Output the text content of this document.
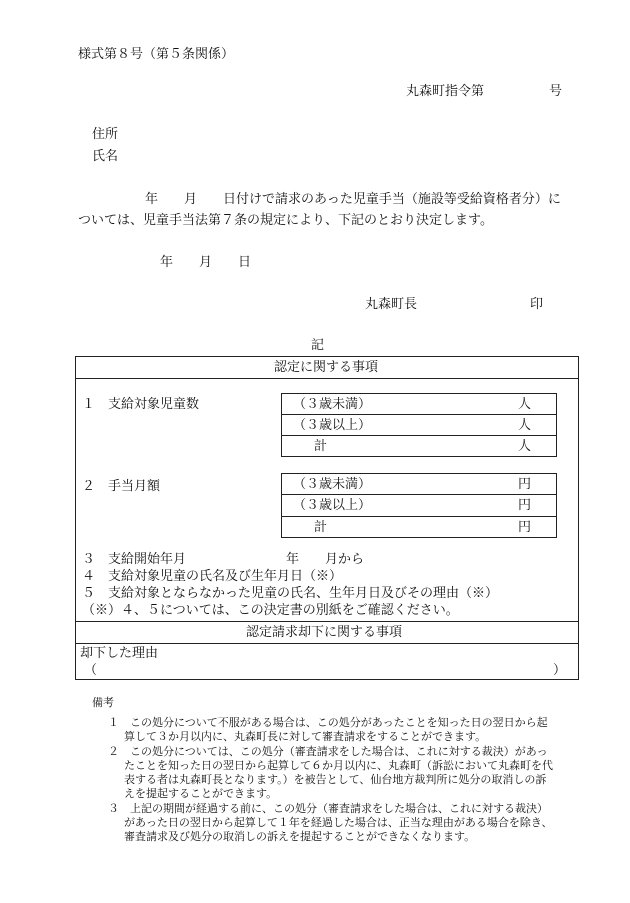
様式第８号（第５条関係）
丸森町指令第　　　　　号
住所
氏名
年　　月　　日付けで請求のあった児童手当（施設等受給資格者分）に
ついては、児童手当法第７条の規定により、下記のとおり決定します。
年　　月　　日
丸森町長	印
記
認定に関する事項
１　支給対象児童数	（３歳未満）	人
（３歳以上）	人
計	人
２　手当月額	（３歳未満）	円
（３歳以上）	円
計	円
３　支給開始年月	年　　月から
４　支給対象児童の氏名及び生年月日（※）
５　支給対象とならなかった児童の氏名、生年月日及びその理由（※）
（※）４、５については、この決定書の別紙をご確認ください。
認定請求却下に関する事項
却下した理由
（	）
備考
１　この処分について不服がある場合は、この処分があったことを知った日の翌日から起
算して３か月以内に、丸森町長に対して審査請求をすることができます。
２　この処分については、この処分（審査請求をした場合は、これに対する裁決）があっ
たことを知った日の翌日から起算して６か月以内に、丸森町（訴訟において丸森町を代
表する者は丸森町長となります。）を被告として、仙台地方裁判所に処分の取消しの訴
えを提起することができます。
３　上記の期間が経過する前に、この処分（審査請求をした場合は、これに対する裁決）
があった日の翌日から起算して１年を経過した場合は、正当な理由がある場合を除き、
審査請求及び処分の取消しの訴えを提起することができなくなります。
